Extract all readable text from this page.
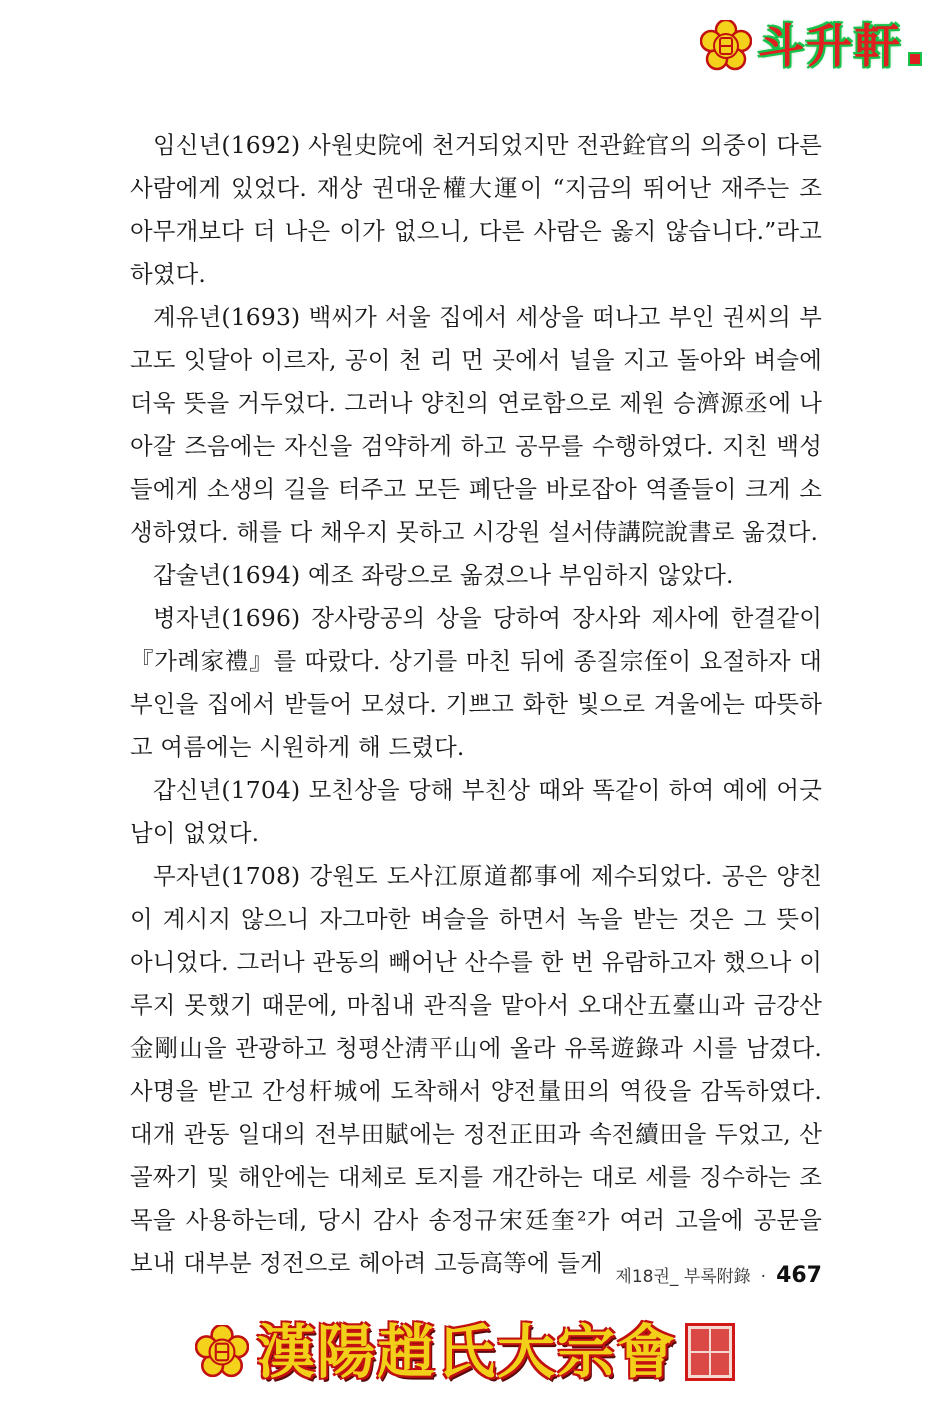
斗升軒

임신년(1692) 사원史院에 천거되었지만 전관銓官의 의중이 다른 사람에게 있었다. 재상 권대운權大運이 “지금의 뛰어난 재주는 조 아무개보다 더 나은 이가 없으니, 다른 사람은 옳지 않습니다.”라고 하였다.

계유년(1693) 백씨가 서울 집에서 세상을 떠나고 부인 권씨의 부고도 잇달아 이르자, 공이 천 리 먼 곳에서 널을 지고 돌아와 벼슬에 더욱 뜻을 거두었다. 그러나 양친의 연로함으로 제원 승濟源丞에 나아갈 즈음에는 자신을 검약하게 하고 공무를 수행하였다. 지친 백성들에게 소생의 길을 터주고 모든 폐단을 바로잡아 역졸들이 크게 소생하였다. 해를 다 채우지 못하고 시강원 설서侍講院說書로 옮겼다.

갑술년(1694) 예조 좌랑으로 옮겼으나 부임하지 않았다.

병자년(1696) 장사랑공의 상을 당하여 장사와 제사에 한결같이 『가례家禮』를 따랐다. 상기를 마친 뒤에 종질宗侄이 요절하자 대부인을 집에서 받들어 모셨다. 기쁘고 화한 빛으로 겨울에는 따뜻하고 여름에는 시원하게 해 드렸다.

갑신년(1704) 모친상을 당해 부친상 때와 똑같이 하여 예에 어긋남이 없었다.

무자년(1708) 강원도 도사江原道都事에 제수되었다. 공은 양친이 계시지 않으니 자그마한 벼슬을 하면서 녹을 받는 것은 그 뜻이 아니었다. 그러나 관동의 빼어난 산수를 한 번 유람하고자 했으나 이루지 못했기 때문에, 마침내 관직을 맡아서 오대산五臺山과 금강산金剛山을 관광하고 청평산淸平山에 올라 유록遊錄과 시를 남겼다. 사명을 받고 간성杆城에 도착해서 양전量田의 역役을 감독하였다. 대개 관동 일대의 전부田賦에는 정전正田과 속전續田을 두었고, 산골짜기 및 해안에는 대체로 토지를 개간하는 대로 세를 징수하는 조목을 사용하는데, 당시 감사 송정규宋廷奎²가 여러 고을에 공문을 보내 대부분 정전으로 헤아려 고등高等에 들게 제18권_ 부록附錄 · 467
漢陽趙氏大宗會
